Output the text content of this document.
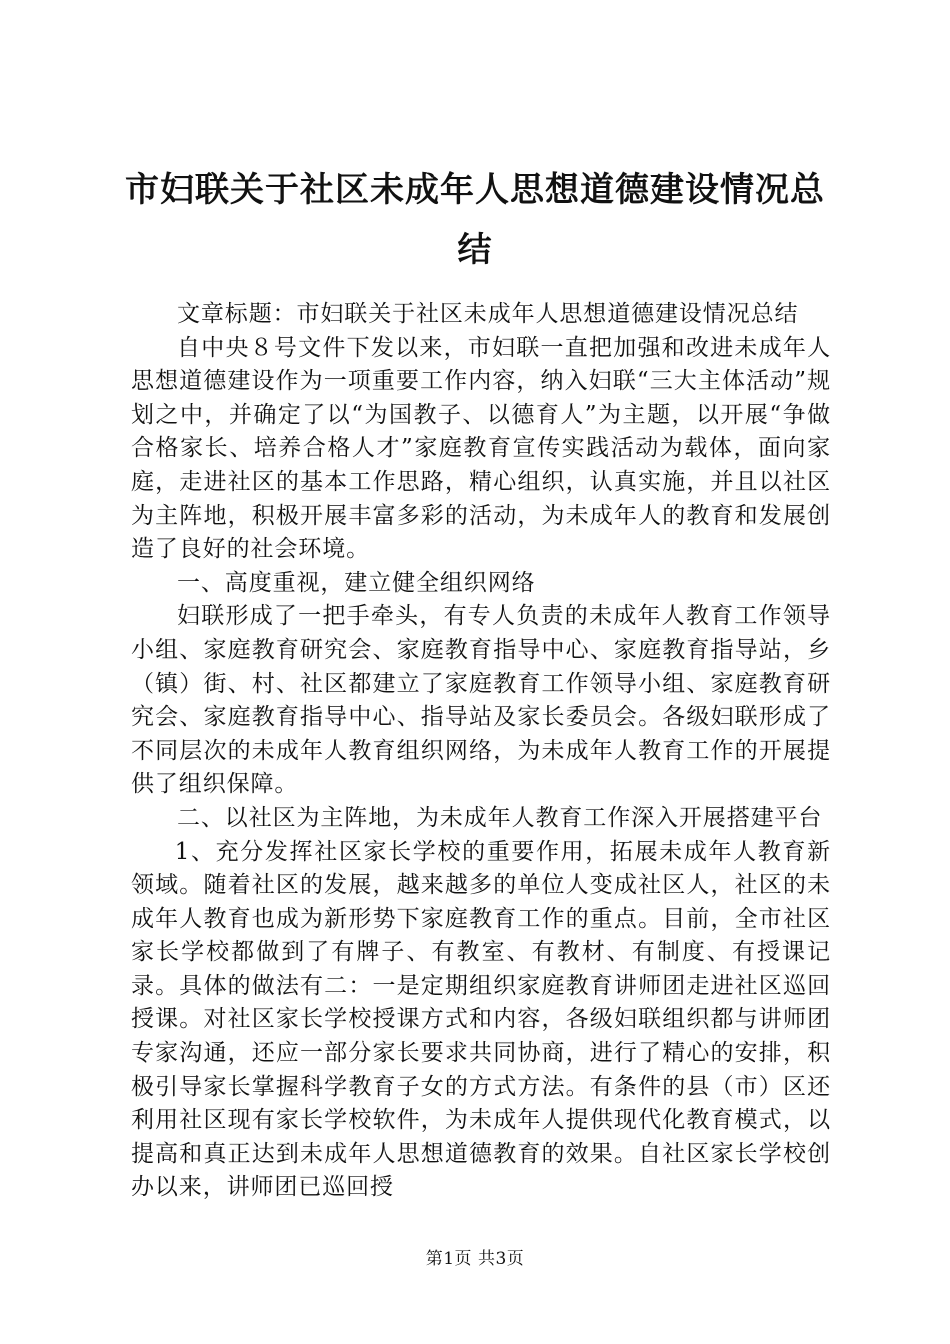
市妇联关于社区未成年人思想道德建设情况总结

文章标题：市妇联关于社区未成年人思想道德建设情况总结

自中央８号文件下发以来，市妇联一直把加强和改进未成年人思想道德建设作为一项重要工作内容，纳入妇联“三大主体活动”规划之中，并确定了以“为国教子、以德育人”为主题，以开展“争做合格家长、培养合格人才”家庭教育宣传实践活动为载体，面向家庭，走进社区的基本工作思路，精心组织，认真实施，并且以社区为主阵地，积极开展丰富多彩的活动，为未成年人的教育和发展创造了良好的社会环境。

一、高度重视，建立健全组织网络

妇联形成了一把手牵头，有专人负责的未成年人教育工作领导小组、家庭教育研究会、家庭教育指导中心、家庭教育指导站，乡（镇）街、村、社区都建立了家庭教育工作领导小组、家庭教育研究会、家庭教育指导中心、指导站及家长委员会。各级妇联形成了不同层次的未成年人教育组织网络，为未成年人教育工作的开展提供了组织保障。

二、以社区为主阵地，为未成年人教育工作深入开展搭建平台

1、充分发挥社区家长学校的重要作用，拓展未成年人教育新领域。随着社区的发展，越来越多的单位人变成社区人，社区的未成年人教育也成为新形势下家庭教育工作的重点。目前，全市社区家长学校都做到了有牌子、有教室、有教材、有制度、有授课记录。具体的做法有二：一是定期组织家庭教育讲师团走进社区巡回授课。对社区家长学校授课方式和内容，各级妇联组织都与讲师团专家沟通，还应一部分家长要求共同协商，进行了精心的安排，积极引导家长掌握科学教育子女的方式方法。有条件的县（市）区还利用社区现有家长学校软件，为未成年人提供现代化教育模式，以提高和真正达到未成年人思想道德教育的效果。自社区家长学校创办以来，讲师团已巡回授

第1页 共3页
